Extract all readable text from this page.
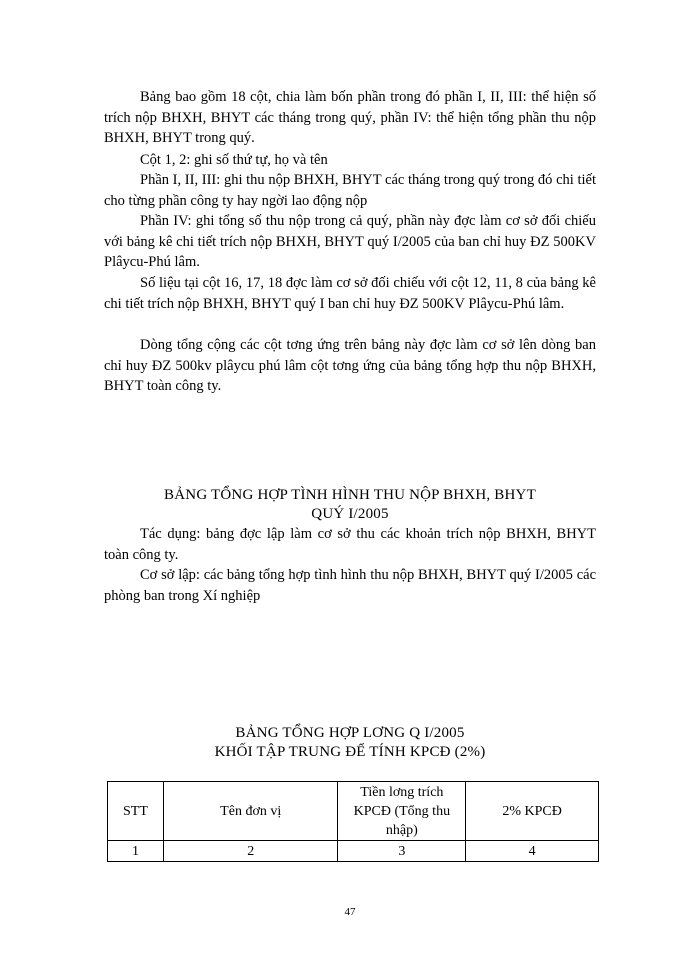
Bảng bao gồm 18 cột, chia làm bốn phần trong đó phần I, II, III: thể hiện số trích nộp BHXH, BHYT các tháng trong quý, phần IV: thể hiện tổng phần thu nộp BHXH, BHYT trong quý.

Cột 1, 2: ghi số thứ tự, họ và tên

Phần I, II, III: ghi thu nộp BHXH, BHYT các tháng trong quý trong đó chi tiết cho từng phần công ty hay ngời lao động nộp

Phần IV: ghi tổng số thu nộp trong cả quý, phần này đợc làm cơ sở đối chiếu với bảng kê chi tiết trích nộp BHXH, BHYT quý I/2005 của ban chỉ huy ĐZ 500KV Plâycu-Phú lâm.

Số liệu tại cột 16, 17, 18 đợc làm cơ sở đối chiếu với cột 12, 11, 8 của bảng kê chi tiết trích nộp BHXH, BHYT quý I ban chỉ huy ĐZ 500KV Plâycu-Phú lâm.

Dòng tổng cộng các cột tơng ứng trên bảng này đợc làm cơ sở lên dòng ban chỉ huy ĐZ 500kv plâycu phú lâm cột tơng ứng của bảng tổng hợp thu nộp BHXH, BHYT toàn công ty.

BẢNG TỔNG HỢP TÌNH HÌNH THU NỘP BHXH, BHYT
QUÝ I/2005

Tác dụng: bảng đợc lập làm cơ sở thu các khoản trích nộp BHXH, BHYT toàn công ty.

Cơ sở lập: các bảng tổng hợp tình hình thu nộp BHXH, BHYT quý I/2005 các phòng ban trong Xí nghiệp

BẢNG TỔNG HỢP LƠNG Q I/2005
KHỐI TẬP TRUNG ĐỂ TÍNH KPCĐ (2%)
STT	Tên đơn vị	Tiền lơng trích KPCĐ (Tổng thu nhập)	2% KPCĐ
1	2	3	4
47
